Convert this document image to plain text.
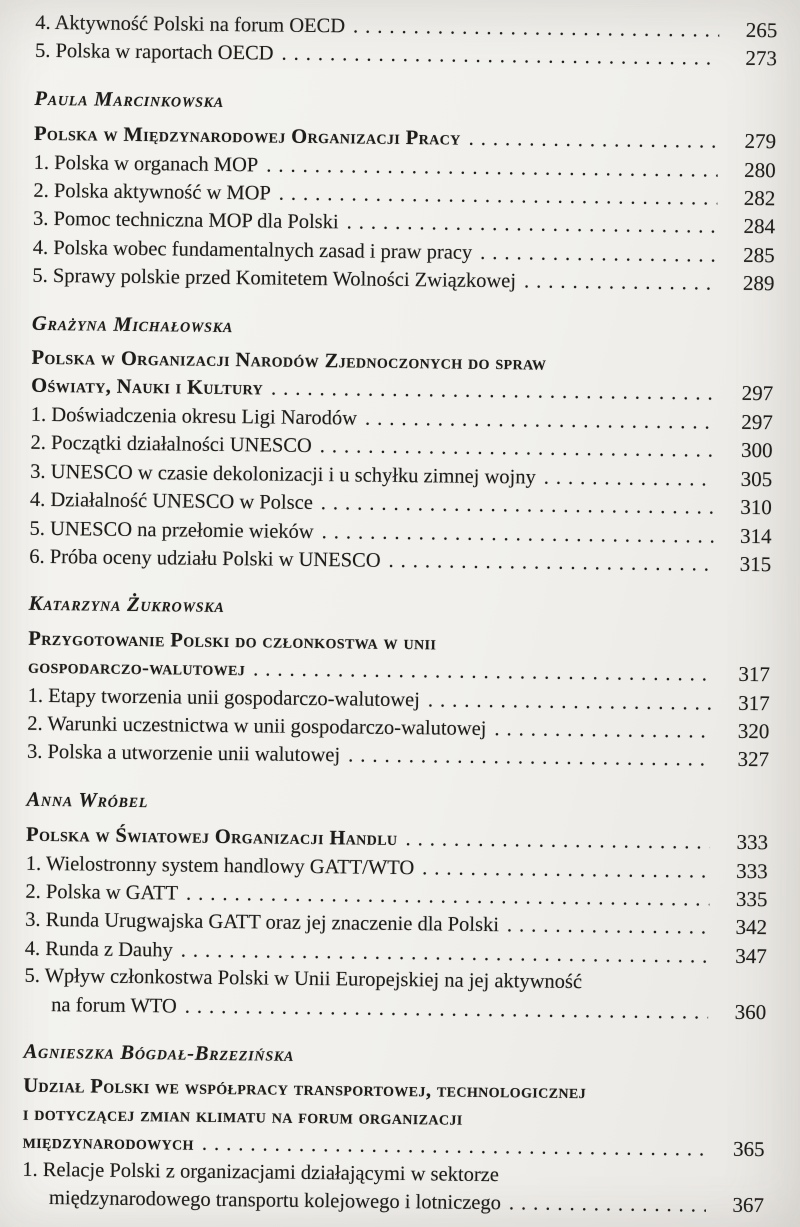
4. Aktywność Polski na forum OECD .....	265
5. Polska w raportach OECD .....	273
Paula Marcinkowska
Polska w Międzynarodowej Organizacji Pracy .....	279
1. Polska w organach MOP .....	280
2. Polska aktywność w MOP .....	282
3. Pomoc techniczna MOP dla Polski .....	284
4. Polska wobec fundamentalnych zasad i praw pracy .....	285
5. Sprawy polskie przed Komitetem Wolności Związkowej .....	289
Grażyna Michałowska
Polska w Organizacji Narodów Zjednoczonych do spraw
Oświaty, Nauki i Kultury .....	297
1. Doświadczenia okresu Ligi Narodów .....	297
2. Początki działalności UNESCO .....	300
3. UNESCO w czasie dekolonizacji i u schyłku zimnej wojny .....	305
4. Działalność UNESCO w Polsce .....	310
5. UNESCO na przełomie wieków .....	314
6. Próba oceny udziału Polski w UNESCO .....	315
Katarzyna Żukrowska
Przygotowanie Polski do członkostwa w unii
gospodarczo-walutowej .....	317
1. Etapy tworzenia unii gospodarczo-walutowej .....	317
2. Warunki uczestnictwa w unii gospodarczo-walutowej .....	320
3. Polska a utworzenie unii walutowej .....	327
Anna Wróbel
Polska w Światowej Organizacji Handlu .....	333
1. Wielostronny system handlowy GATT/WTO .....	333
2. Polska w GATT .....	335
3. Runda Urugwajska GATT oraz jej znaczenie dla Polski .....	342
4. Runda z Dauhy .....	347
5. Wpływ członkostwa Polski w Unii Europejskiej na jej aktywność
na forum WTO .....	360
Agnieszka Bógdał-Brzezińska
Udział Polski we współpracy transportowej, technologicznej
i dotyczącej zmian klimatu na forum organizacji
międzynarodowych .....	365
1. Relacje Polski z organizacjami działającymi w sektorze
międzynarodowego transportu kolejowego i lotniczego .....	367
